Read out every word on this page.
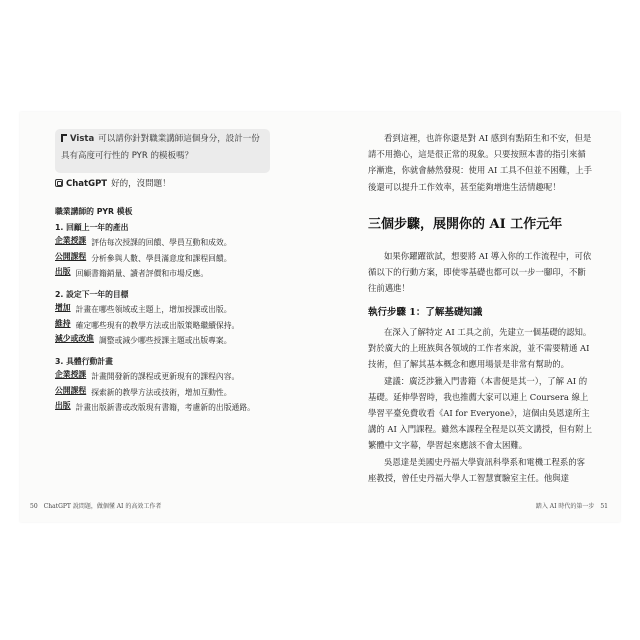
Vista 可以請你針對職業講師這個身分，設計一份具有高度可行性的 PYR 的模板嗎？
ChatGPT 好的，沒問題！
職業講師的 PYR 模板
1. 回顧上一年的產出
企業授課 評估每次授課的回饋、學員互動和成效。
公開課程 分析參與人數、學員滿意度和課程回饋。
出版 回顧書籍銷量、讀者評價和市場反應。
2. 設定下一年的目標
增加 計畫在哪些領域或主題上，增加授課或出版。
維持 確定哪些現有的教學方法或出版策略繼續保持。
減少或改進 調整或減少哪些授課主題或出版專案。
3. 具體行動計畫
企業授課 計畫開發新的課程或更新現有的課程內容。
公開課程 探索新的教學方法或技術，增加互動性。
出版 計畫出版新書或改版現有書籍，考慮新的出版通路。
50　ChatGPT 說問題，做個懂 AI 的高效工作者

看到這裡，也許你還是對 AI 感到有點陌生和不安，但是請不用擔心，這是很正常的現象。只要按照本書的指引來循序漸進，你就會赫然發現：使用 AI 工具不但並不困難，上手後還可以提升工作效率，甚至能夠增進生活情趣呢！

三個步驟，展開你的 AI 工作元年

如果你躍躍欲試，想要將 AI 導入你的工作流程中，可依循以下的行動方案，即使零基礎也都可以一步一腳印，不斷往前邁進！

執行步驟 1：了解基礎知識

在深入了解特定 AI 工具之前，先建立一個基礎的認知。對於廣大的上班族與各領域的工作者來說，並不需要精通 AI 技術，但了解其基本概念和應用場景是非常有幫助的。

建議：廣泛涉獵入門書籍（本書便是其一），了解 AI 的基礎。延伸學習時，我也推薦大家可以連上 Coursera 線上學習平臺免費收看《AI for Everyone》，這個由吳恩達所主講的 AI 入門課程。雖然本課程全程是以英文講授，但有附上繁體中文字幕，學習起來應該不會太困難。

吳恩達是美國史丹福大學資訊科學系和電機工程系的客座教授，曾任史丹福大學人工智慧實驗室主任。他與達

踏入 AI 時代的第一步　51
